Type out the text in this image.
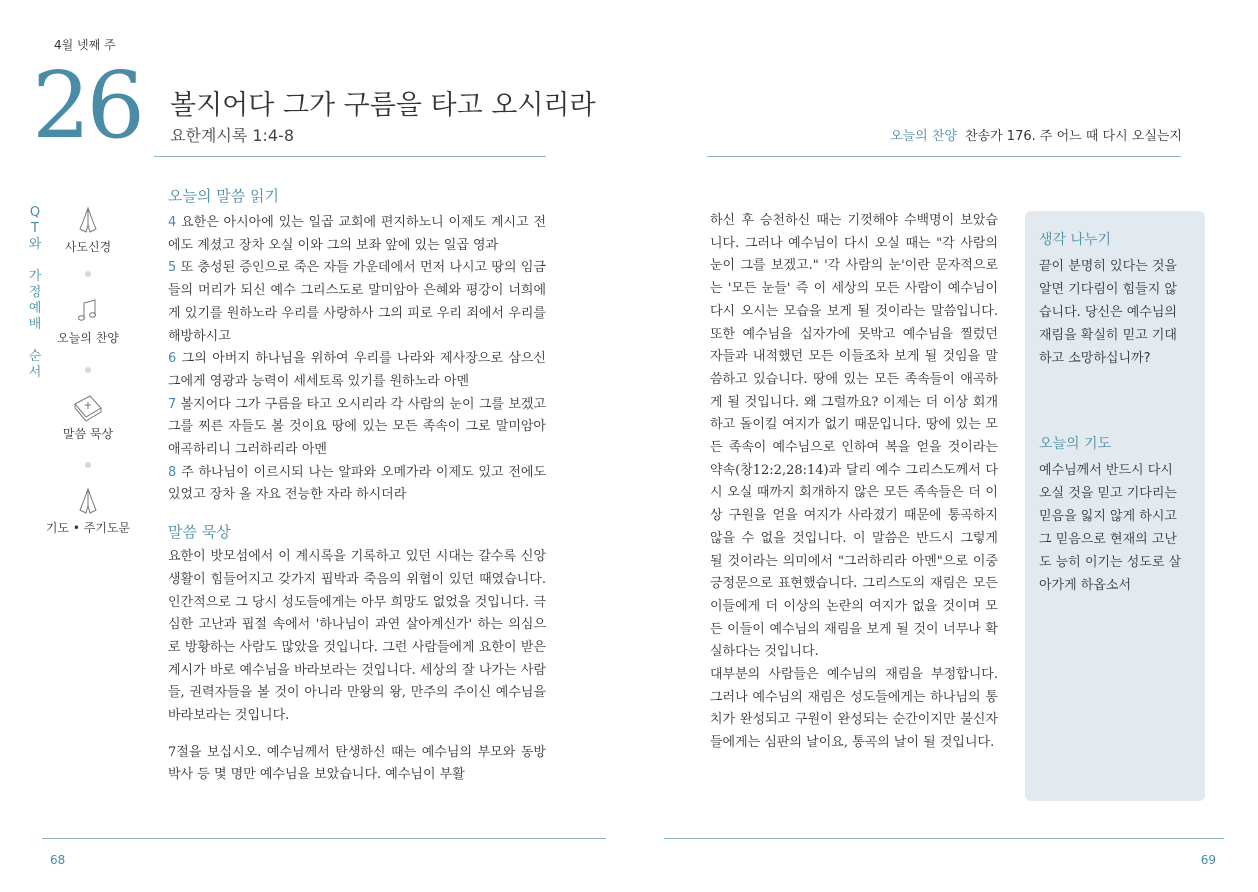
4월 넷째 주
26 볼지어다 그가 구름을 타고 오시리라
요한계시록 1:4-8	오늘의 찬양 찬송가 176. 주 어느 때 다시 오실는지
Q
T
와
가
정
예
배
순
서
사도신경
오늘의 찬양
말씀 묵상
기도 • 주기도문
오늘의 말씀 읽기
4 요한은 아시아에 있는 일곱 교회에 편지하노니 이제도 계시고 전에도 계셨고 장차 오실 이와 그의 보좌 앞에 있는 일곱 영과
5 또 충성된 증인으로 죽은 자들 가운데에서 먼저 나시고 땅의 임금들의 머리가 되신 예수 그리스도로 말미암아 은혜와 평강이 너희에게 있기를 원하노라 우리를 사랑하사 그의 피로 우리 죄에서 우리를 해방하시고
6 그의 아버지 하나님을 위하여 우리를 나라와 제사장으로 삼으신 그에게 영광과 능력이 세세토록 있기를 원하노라 아멘
7 볼지어다 그가 구름을 타고 오시리라 각 사람의 눈이 그를 보겠고 그를 찌른 자들도 볼 것이요 땅에 있는 모든 족속이 그로 말미암아 애곡하리니 그러하리라 아멘
8 주 하나님이 이르시되 나는 알파와 오메가라 이제도 있고 전에도 있었고 장차 올 자요 전능한 자라 하시더라
말씀 묵상
요한이 밧모섬에서 이 계시록을 기록하고 있던 시대는 갈수록 신앙생활이 힘들어지고 갖가지 핍박과 죽음의 위협이 있던 때였습니다. 인간적으로 그 당시 성도들에게는 아무 희망도 없었을 것입니다. 극심한 고난과 핍절 속에서 '하나님이 과연 살아계신가' 하는 의심으로 방황하는 사람도 많았을 것입니다. 그런 사람들에게 요한이 받은 계시가 바로 예수님을 바라보라는 것입니다. 세상의 잘 나가는 사람들, 권력자들을 볼 것이 아니라 만왕의 왕, 만주의 주이신 예수님을 바라보라는 것입니다.
7절을 보십시오. 예수님께서 탄생하신 때는 예수님의 부모와 동방박사 등 몇 명만 예수님을 보았습니다. 예수님이 부활
하신 후 승천하신 때는 기껏해야 수백명이 보았습니다. 그러나 예수님이 다시 오실 때는 "각 사람의 눈이 그를 보겠고." '각 사람의 눈'이란 문자적으로는 '모든 눈들' 즉 이 세상의 모든 사람이 예수님이 다시 오시는 모습을 보게 될 것이라는 말씀입니다. 또한 예수님을 십자가에 못박고 예수님을 찔렀던 자들과 내적했던 모든 이들조차 보게 될 것임을 말씀하고 있습니다. 땅에 있는 모든 족속들이 애곡하게 될 것입니다. 왜 그럴까요? 이제는 더 이상 회개하고 돌이킬 여지가 없기 때문입니다. 땅에 있는 모든 족속이 예수님으로 인하여 복을 얻을 것이라는 약속(창12:2,28:14)과 달리 예수 그리스도께서 다시 오실 때까지 회개하지 않은 모든 족속들은 더 이상 구원을 얻을 여지가 사라졌기 때문에 통곡하지 않을 수 없을 것입니다. 이 말씀은 반드시 그렇게 될 것이라는 의미에서 "그러하리라 아멘"으로 이중 긍정문으로 표현했습니다. 그리스도의 재림은 모든 이들에게 더 이상의 논란의 여지가 없을 것이며 모든 이들이 예수님의 재림을 보게 될 것이 너무나 확실하다는 것입니다.
대부분의 사람들은 예수님의 재림을 부정합니다. 그러나 예수님의 재림은 성도들에게는 하나님의 통치가 완성되고 구원이 완성되는 순간이지만 불신자들에게는 심판의 날이요, 통곡의 날이 될 것입니다.
생각 나누기
끝이 분명히 있다는 것을 알면 기다림이 힘들지 않습니다. 당신은 예수님의 재림을 확실히 믿고 기대하고 소망하십니까?
오늘의 기도
예수님께서 반드시 다시 오실 것을 믿고 기다리는 믿음을 잃지 않게 하시고 그 믿음으로 현재의 고난도 능히 이기는 성도로 살아가게 하옵소서
68	69
